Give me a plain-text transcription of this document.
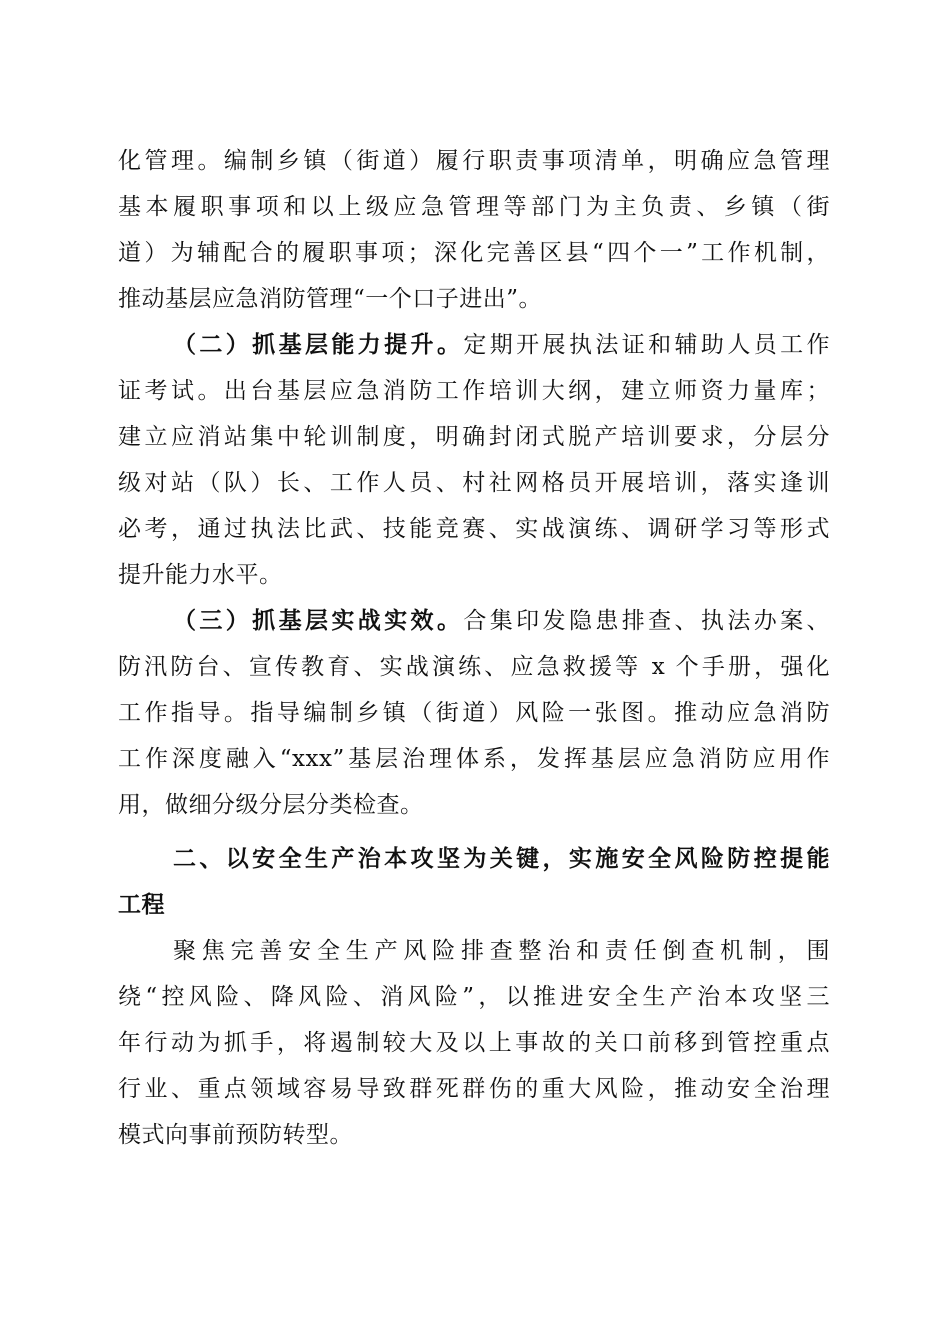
化管理。编制乡镇（街道）履行职责事项清单，明确应急管理
基本履职事项和以上级应急管理等部门为主负责、乡镇（街
道）为辅配合的履职事项；深化完善区县“四个一”工作机制，
推动基层应急消防管理“一个口子进出”。
（二）抓基层能力提升。定期开展执法证和辅助人员工作
证考试。出台基层应急消防工作培训大纲，建立师资力量库；
建立应消站集中轮训制度，明确封闭式脱产培训要求，分层分
级对站（队）长、工作人员、村社网格员开展培训，落实逢训
必考，通过执法比武、技能竞赛、实战演练、调研学习等形式
提升能力水平。
（三）抓基层实战实效。合集印发隐患排查、执法办案、
防汛防台、宣传教育、实战演练、应急救援等 x 个手册，强化
工作指导。指导编制乡镇（街道）风险一张图。推动应急消防
工作深度融入“xxx”基层治理体系，发挥基层应急消防应用作
用，做细分级分层分类检查。
二、以安全生产治本攻坚为关键，实施安全风险防控提能
工程
聚焦完善安全生产风险排查整治和责任倒查机制，围
绕“控风险、降风险、消风险”，以推进安全生产治本攻坚三
年行动为抓手，将遏制较大及以上事故的关口前移到管控重点
行业、重点领域容易导致群死群伤的重大风险，推动安全治理
模式向事前预防转型。
